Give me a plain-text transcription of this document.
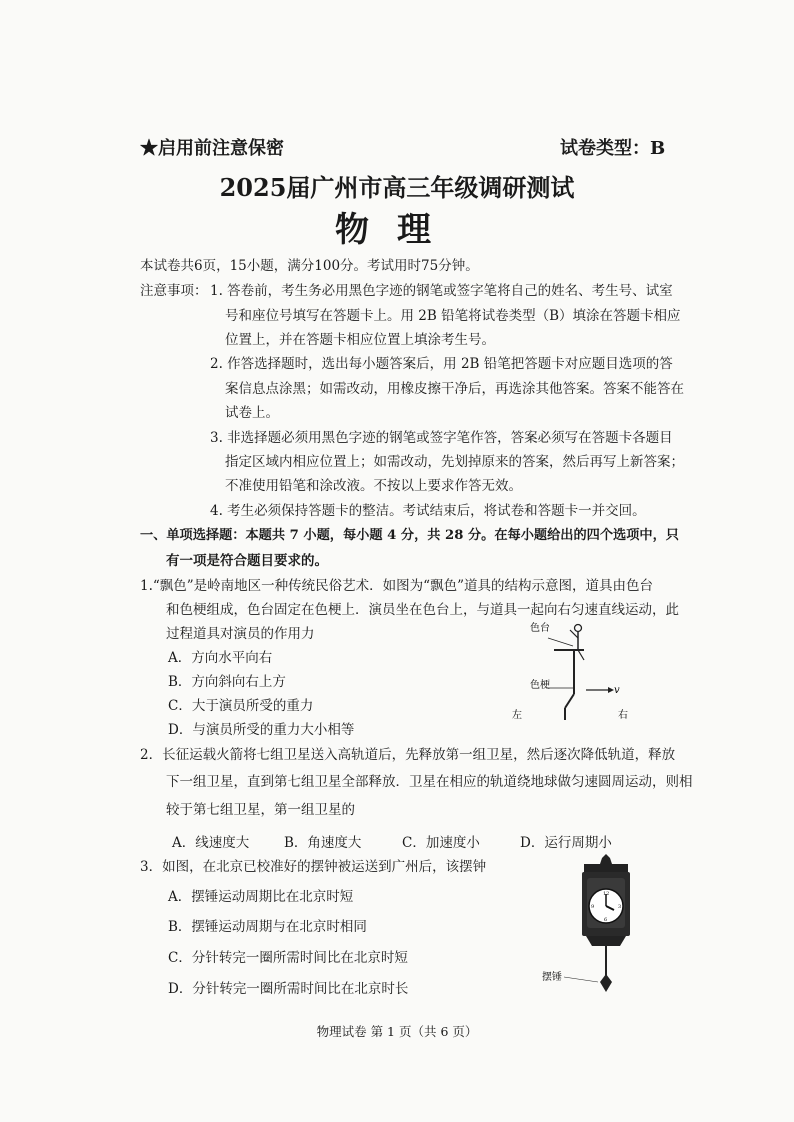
★启用前注意保密	试卷类型：B
2025届广州市高三年级调研测试
物理
本试卷共6页，15小题，满分100分。考试用时75分钟。
注意事项： 1. 答卷前，考生务必用黑色字迹的钢笔或签字笔将自己的姓名、考生号、试室
号和座位号填写在答题卡上。用 2B 铅笔将试卷类型（B）填涂在答题卡相应
位置上，并在答题卡相应位置上填涂考生号。
2. 作答选择题时，选出每小题答案后，用 2B 铅笔把答题卡对应题目选项的答
案信息点涂黑；如需改动，用橡皮擦干净后，再选涂其他答案。答案不能答在
试卷上。
3. 非选择题必须用黑色字迹的钢笔或签字笔作答，答案必须写在答题卡各题目
指定区域内相应位置上；如需改动，先划掉原来的答案，然后再写上新答案；
不准使用铅笔和涂改液。不按以上要求作答无效。
4. 考生必须保持答题卡的整洁。考试结束后，将试卷和答题卡一并交回。
一、单项选择题：本题共 7 小题，每小题 4 分，共 28 分。在每小题给出的四个选项中，只
有一项是符合题目要求的。
1.“飘色”是岭南地区一种传统民俗艺术．如图为“飘色”道具的结构示意图，道具由色台
和色梗组成，色台固定在色梗上．演员坐在色台上，与道具一起向右匀速直线运动，此
过程道具对演员的作用力
A．方向水平向右
B．方向斜向右上方
C．大于演员所受的重力
D．与演员所受的重力大小相等
色台
色梗
左	右
v
2．长征运载火箭将七组卫星送入高轨道后，先释放第一组卫星，然后逐次降低轨道，释放
下一组卫星，直到第七组卫星全部释放．卫星在相应的轨道绕地球做匀速圆周运动，则相
较于第七组卫星，第一组卫星的
A．线速度大	B．角速度大	C．加速度小	D．运行周期小
3．如图，在北京已校准好的摆钟被运送到广州后，该摆钟
A．摆锤运动周期比在北京时短
B．摆锤运动周期与在北京时相同
C．分针转完一圈所需时间比在北京时短
D．分针转完一圈所需时间比在北京时长
12
3
6
9
摆锤
物理试卷 第 1 页（共 6 页）
